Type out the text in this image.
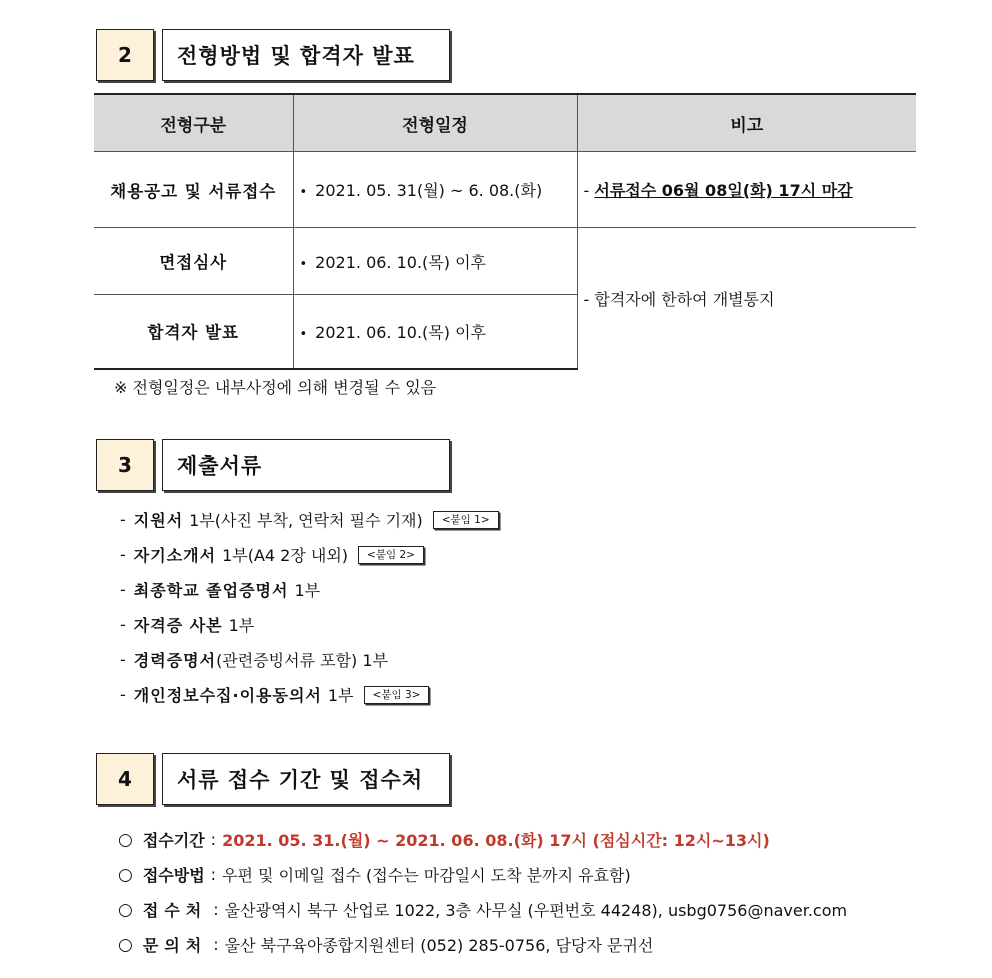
2	전형방법 및 합격자 발표
전형구분	전형일정	비고
채용공고 및 서류접수	• 2021. 05. 31(월) ~ 6. 08.(화)	- 서류접수 06월 08일(화) 17시 마감
면접심사	• 2021. 06. 10.(목) 이후	- 합격자에 한하여 개별통지
합격자 발표	• 2021. 06. 10.(목) 이후	
※ 전형일정은 내부사정에 의해 변경될 수 있음
3	제출서류
- 지원서 1부(사진 부착, 연락처 필수 기재)	<붙임 1>
- 자기소개서 1부(A4 2장 내외)	<붙임 2>
- 최종학교 졸업증명서 1부
- 자격증 사본 1부
- 경력증명서 (관련증빙서류 포함) 1부
- 개인정보수집·이용동의서 1부	<붙임 3>
4	서류 접수 기간 및 접수처
○ 접수기간 : 2021. 05. 31.(월) ~ 2021. 06. 08.(화) 17시 (점심시간: 12시~13시)
○ 접수방법 : 우편 및 이메일 접수 (접수는 마감일시 도착 분까지 유효함)
○ 접수처 : 울산광역시 북구 산업로 1022, 3층 사무실 (우편번호 44248), usbg0756@naver.com
○ 문의처 : 울산 북구육아종합지원센터 (052) 285-0756, 담당자 문귀선
